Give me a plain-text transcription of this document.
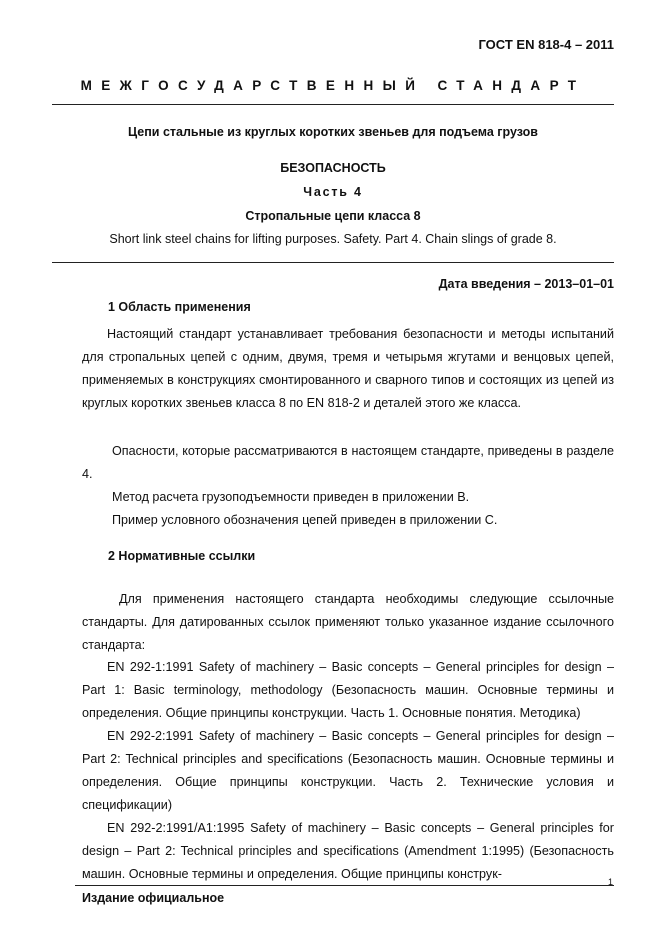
ГОСТ EN 818-4 – 2011
МЕЖГОСУДАРСТВЕННЫЙ СТАНДАРТ
Цепи стальные из круглых коротких звеньев для подъема грузов
БЕЗОПАСНОСТЬ
Часть 4
Стропальные цепи класса 8
Short link steel chains for lifting purposes. Safety. Part 4. Chain slings of grade 8.
Дата введения – 2013–01–01
1 Область применения
Настоящий стандарт устанавливает требования безопасности и методы испытаний для стропальных цепей с одним, двумя, тремя и четырьмя жгутами и венцовых цепей, применяемых в конструкциях смонтированного и сварного типов и состоящих из цепей из круглых коротких звеньев класса 8 по EN 818-2 и деталей этого же класса.
Опасности, которые рассматриваются в настоящем стандарте, приведены в разделе 4.
Метод расчета грузоподъемности приведен в приложении В.
Пример условного обозначения цепей приведен в приложении С.
2 Нормативные ссылки
Для применения настоящего стандарта необходимы следующие ссылочные стандарты. Для датированных ссылок применяют только указанное издание ссылочного стандарта:
EN 292-1:1991 Safety of machinery – Basic concepts – General principles for design – Part 1: Basic terminology, methodology (Безопасность машин. Основные термины и определения. Общие принципы конструкции. Часть 1. Основные понятия. Методика)
EN 292-2:1991 Safety of machinery – Basic concepts – General principles for design – Part 2: Technical principles and specifications (Безопасность машин. Основные термины и определения. Общие принципы конструкции. Часть 2. Технические условия и спецификации)
EN 292-2:1991/A1:1995 Safety of machinery – Basic concepts – General principles for design – Part 2: Technical principles and specifications (Amendment 1:1995) (Безопасность машин. Основные термины и определения. Общие принципы конструк-
1
Издание официальное
